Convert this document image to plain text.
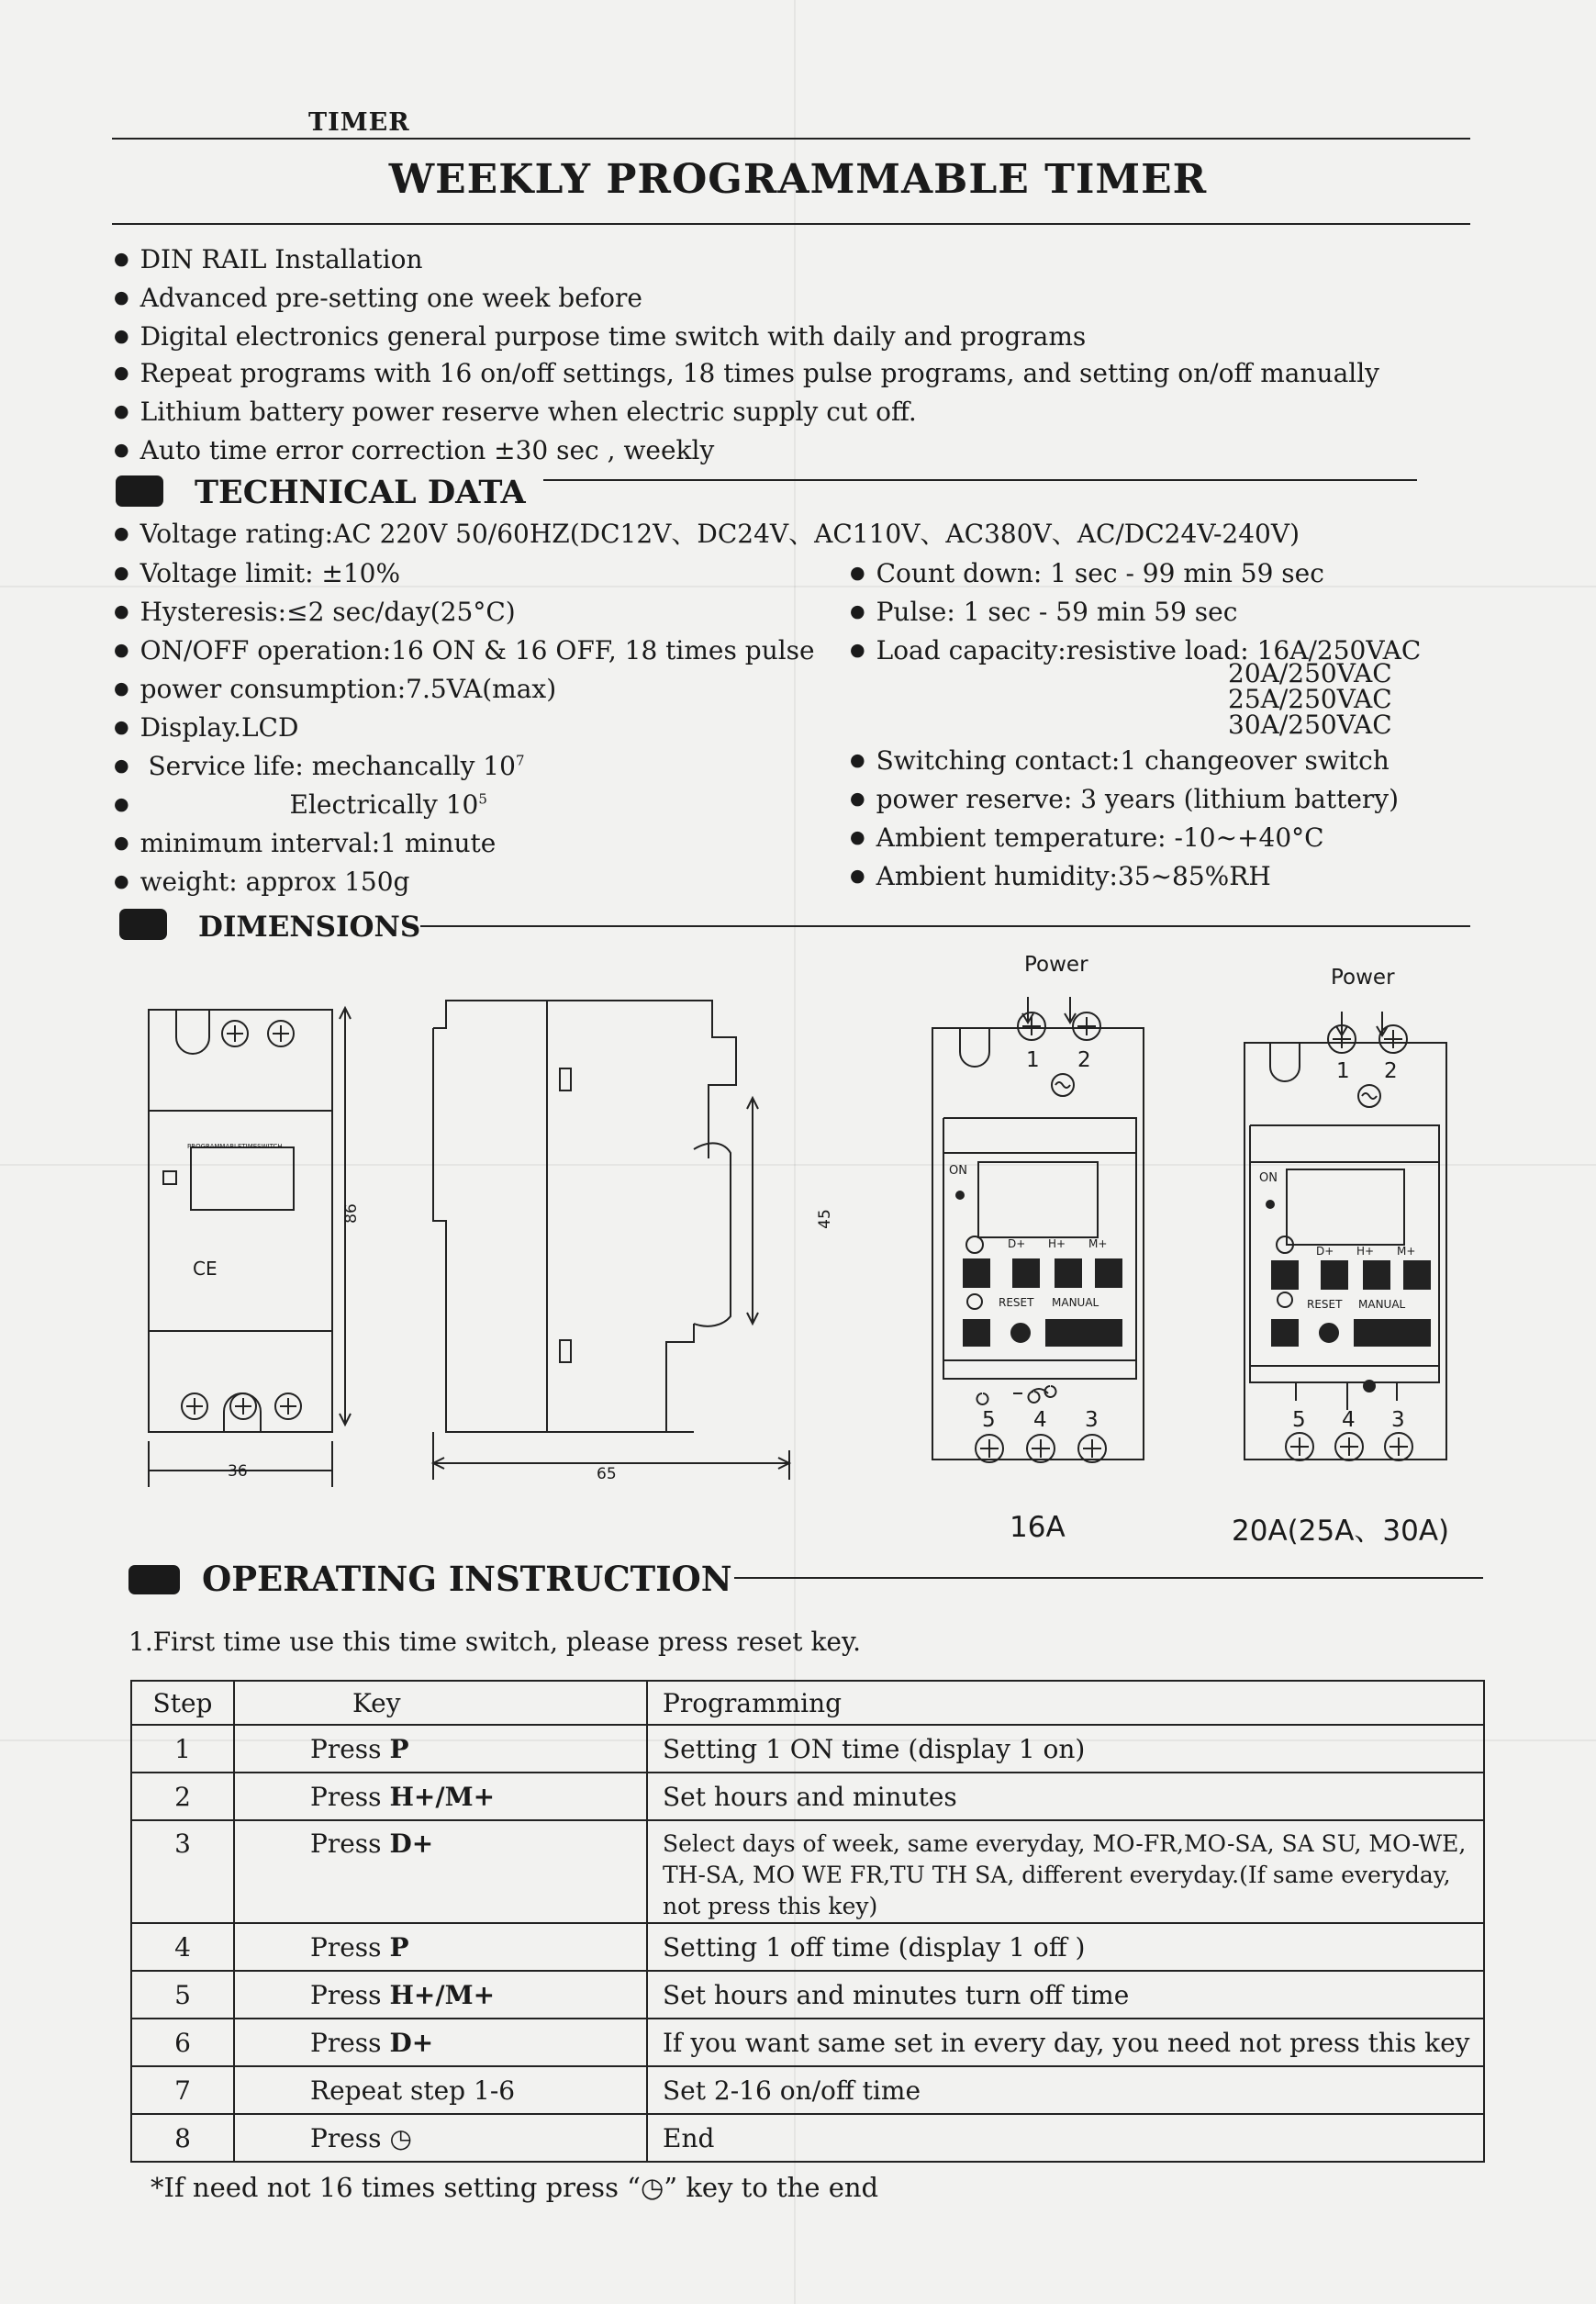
TIMER
WEEKLY PROGRAMMABLE TIMER
● DIN RAIL Installation
● Advanced pre-setting one week before
● Digital electronics general purpose time switch with daily and programs
● Repeat programs with 16 on/off settings, 18 times pulse programs, and setting on/off manually
● Lithium battery power reserve when electric supply cut off.
● Auto time error correction ±30 sec , weekly
TECHNICAL DATA
● Voltage rating:AC 220V 50/60HZ(DC12V、DC24V、AC110V、AC380V、AC/DC24V-240V)
● Voltage limit: ±10%
● Hysteresis:≤2 sec/day(25°C)
● ON/OFF operation:16 ON & 16 OFF, 18 times pulse
● power consumption:7.5VA(max)
● Display.LCD
● Service life: mechancally $10^7$
● Electrically $10^5$
● minimum interval:1 minute
● weight: approx 150g
● Count down: 1 sec - 99 min 59 sec
● Pulse: 1 sec - 59 min 59 sec
● Load capacity:resistive load: 16A/250VAC
20A/250VAC
25A/250VAC
30A/250VAC
● Switching contact:1 changeover switch
● power reserve: 3 years (lithium battery)
● Ambient temperature: -10~+40°C
● Ambient humidity:35~85%RH
DIMENSIONS
PROGRAMMABLETIMESWITCH
CE
86
36	65
45
Power
1 2
ON
D+ H+ M+
RESET MANUAL
5 4 3
16A
Power
1 2
ON
D+ H+ M+
RESET MANUAL
5 4 3
20A(25A、30A)
OPERATING INSTRUCTION
1.First time use this time switch, please press reset key.
Step	Key	Programming
1	Press P	Setting 1 ON time (display 1 on)
2	Press H+/M+	Set hours and minutes
3	Press D+	Select days of week, same everyday, MO-FR,MO-SA, SA SU, MO-WE, TH-SA, MO WE FR,TU TH SA, different everyday.(If same everyday, not press this key)

4	Press P	Setting 1 off time (display 1 off )
5	Press H+/M+	Set hours and minutes turn off time
6	Press D+	If you want same set in every day, you need not press this key
7	Repeat step 1-6	Set 2-16 on/off time
8	Press ◷	End
*If need not 16 times setting press “◷” key to the end
